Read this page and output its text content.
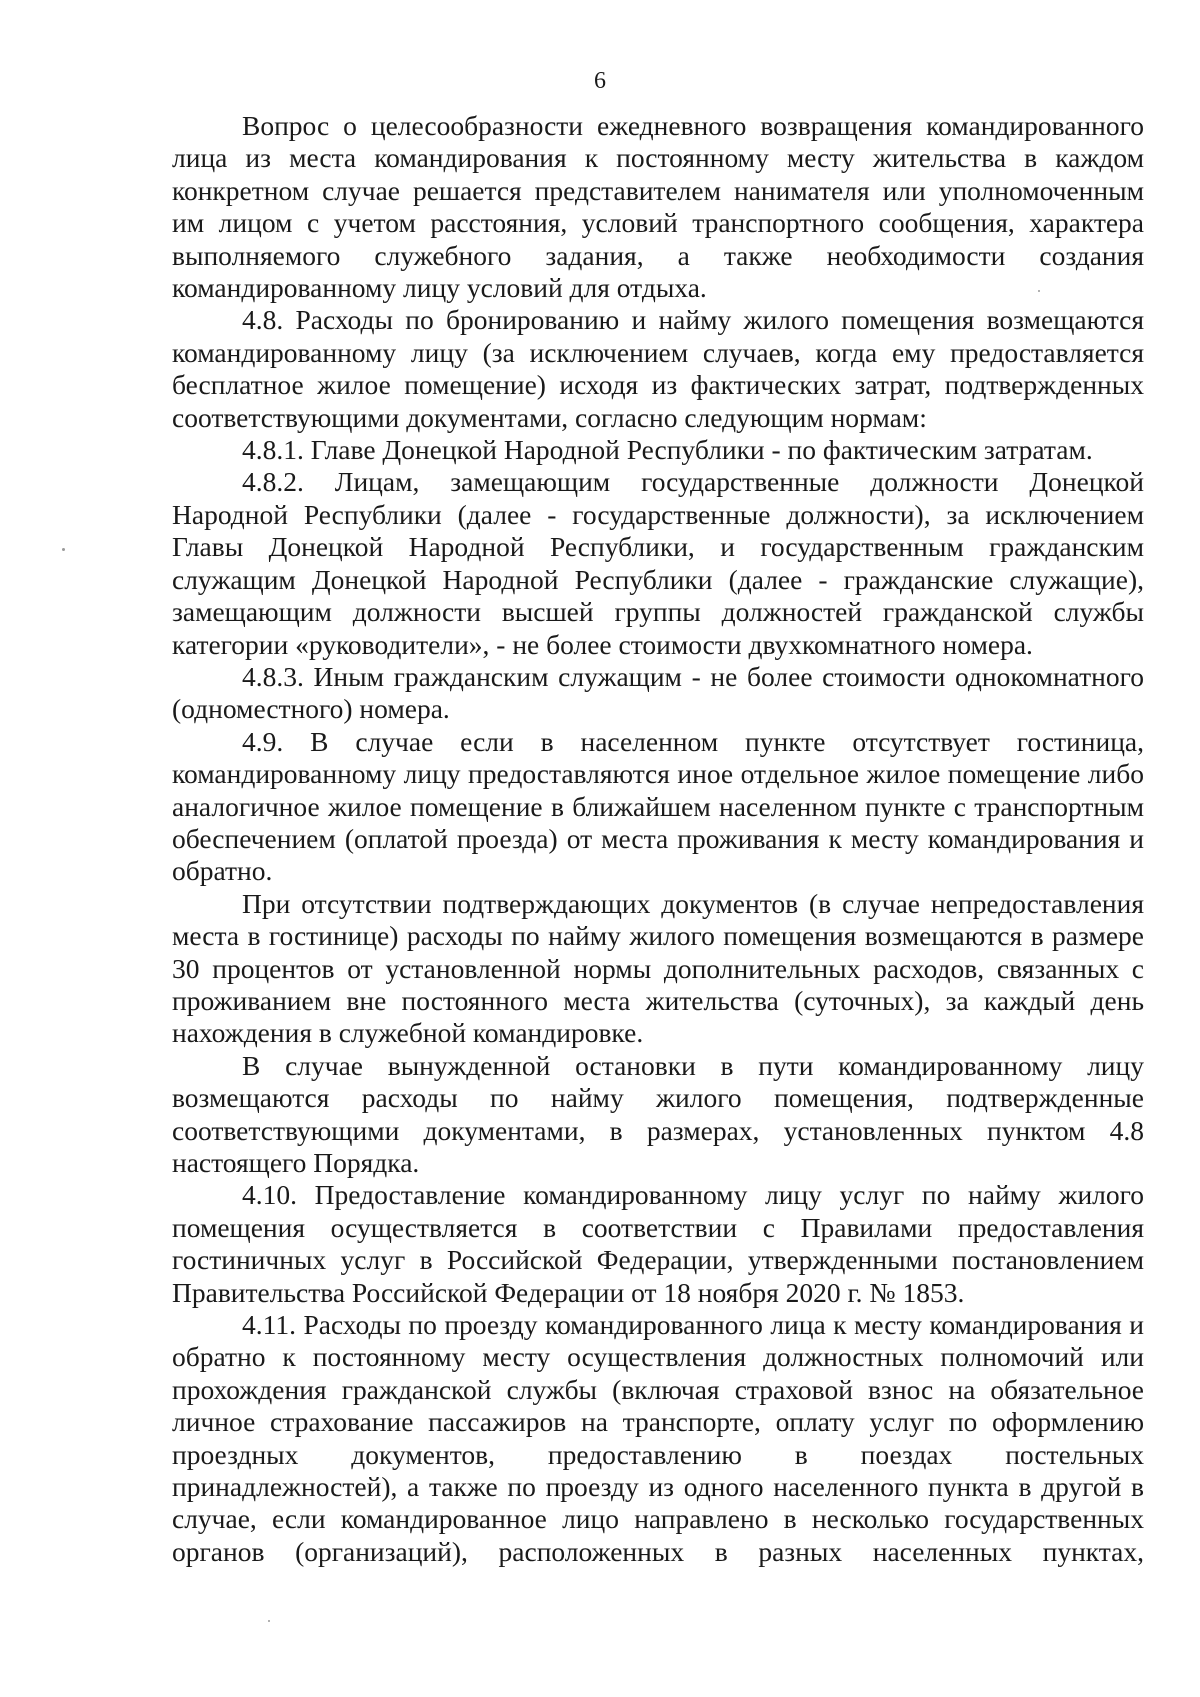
6

Вопрос о целесообразности ежедневного возвращения командированного лица из места командирования к постоянному месту жительства в каждом конкретном случае решается представителем нанимателя или уполномоченным им лицом с учетом расстояния, условий транспортного сообщения, характера выполняемого служебного задания, а также необходимости создания командированному лицу условий для отдыха.

4.8. Расходы по бронированию и найму жилого помещения возмещаются командированному лицу (за исключением случаев, когда ему предоставляется бесплатное жилое помещение) исходя из фактических затрат, подтвержденных соответствующими документами, согласно следующим нормам:

4.8.1. Главе Донецкой Народной Республики - по фактическим затратам.

4.8.2. Лицам, замещающим государственные должности Донецкой Народной Республики (далее - государственные должности), за исключением Главы Донецкой Народной Республики, и государственным гражданским служащим Донецкой Народной Республики (далее - гражданские служащие), замещающим должности высшей группы должностей гражданской службы категории «руководители», - не более стоимости двухкомнатного номера.

4.8.3. Иным гражданским служащим - не более стоимости однокомнатного (одноместного) номера.

4.9. В случае если в населенном пункте отсутствует гостиница, командированному лицу предоставляются иное отдельное жилое помещение либо аналогичное жилое помещение в ближайшем населенном пункте с транспортным обеспечением (оплатой проезда) от места проживания к месту командирования и обратно.

При отсутствии подтверждающих документов (в случае непредоставления места в гостинице) расходы по найму жилого помещения возмещаются в размере 30 процентов от установленной нормы дополнительных расходов, связанных с проживанием вне постоянного места жительства (суточных), за каждый день нахождения в служебной командировке.

В случае вынужденной остановки в пути командированному лицу возмещаются расходы по найму жилого помещения, подтвержденные соответствующими документами, в размерах, установленных пунктом 4.8 настоящего Порядка.

4.10. Предоставление командированному лицу услуг по найму жилого помещения осуществляется в соответствии с Правилами предоставления гостиничных услуг в Российской Федерации, утвержденными постановлением Правительства Российской Федерации от 18 ноября 2020 г. № 1853.

4.11. Расходы по проезду командированного лица к месту командирования и обратно к постоянному месту осуществления должностных полномочий или прохождения гражданской службы (включая страховой взнос на обязательное личное страхование пассажиров на транспорте, оплату услуг по оформлению проездных документов, предоставлению в поездах постельных принадлежностей), а также по проезду из одного населенного пункта в другой в случае, если командированное лицо направлено в несколько государственных органов (организаций), расположенных в разных населенных пунктах,
